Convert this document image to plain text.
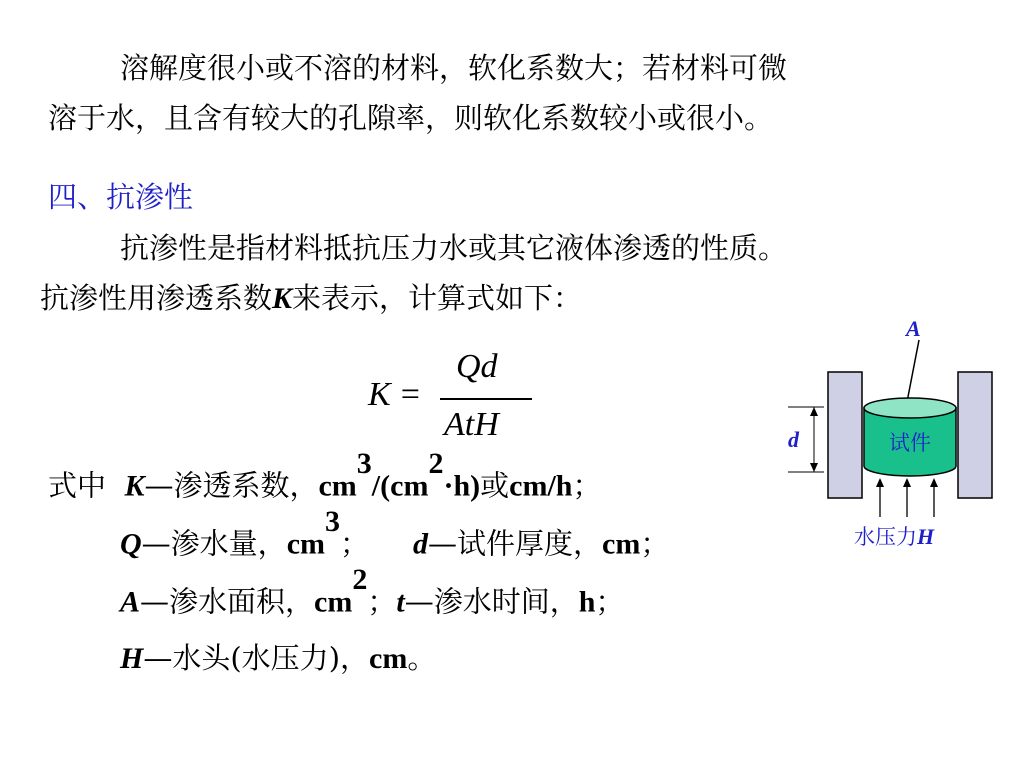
溶解度很小或不溶的材料，软化系数大；若材料可微
溶于水，且含有较大的孔隙率，则软化系数较小或很小。
四、抗渗性
抗渗性是指材料抵抗压力水或其它液体渗透的性质。
抗渗性用渗透系数K来表示，计算式如下：
K =
Qd
AtH
式中 K—渗透系数，$cm^3/(cm^2\cdot h)$或cm/h；
Q—渗水量，$cm^3$； d—试件厚度，cm；
A—渗水面积，$cm^2$；t—渗水时间，h；
H—水头(水压力)，cm。
A
试件
d
水压力H
